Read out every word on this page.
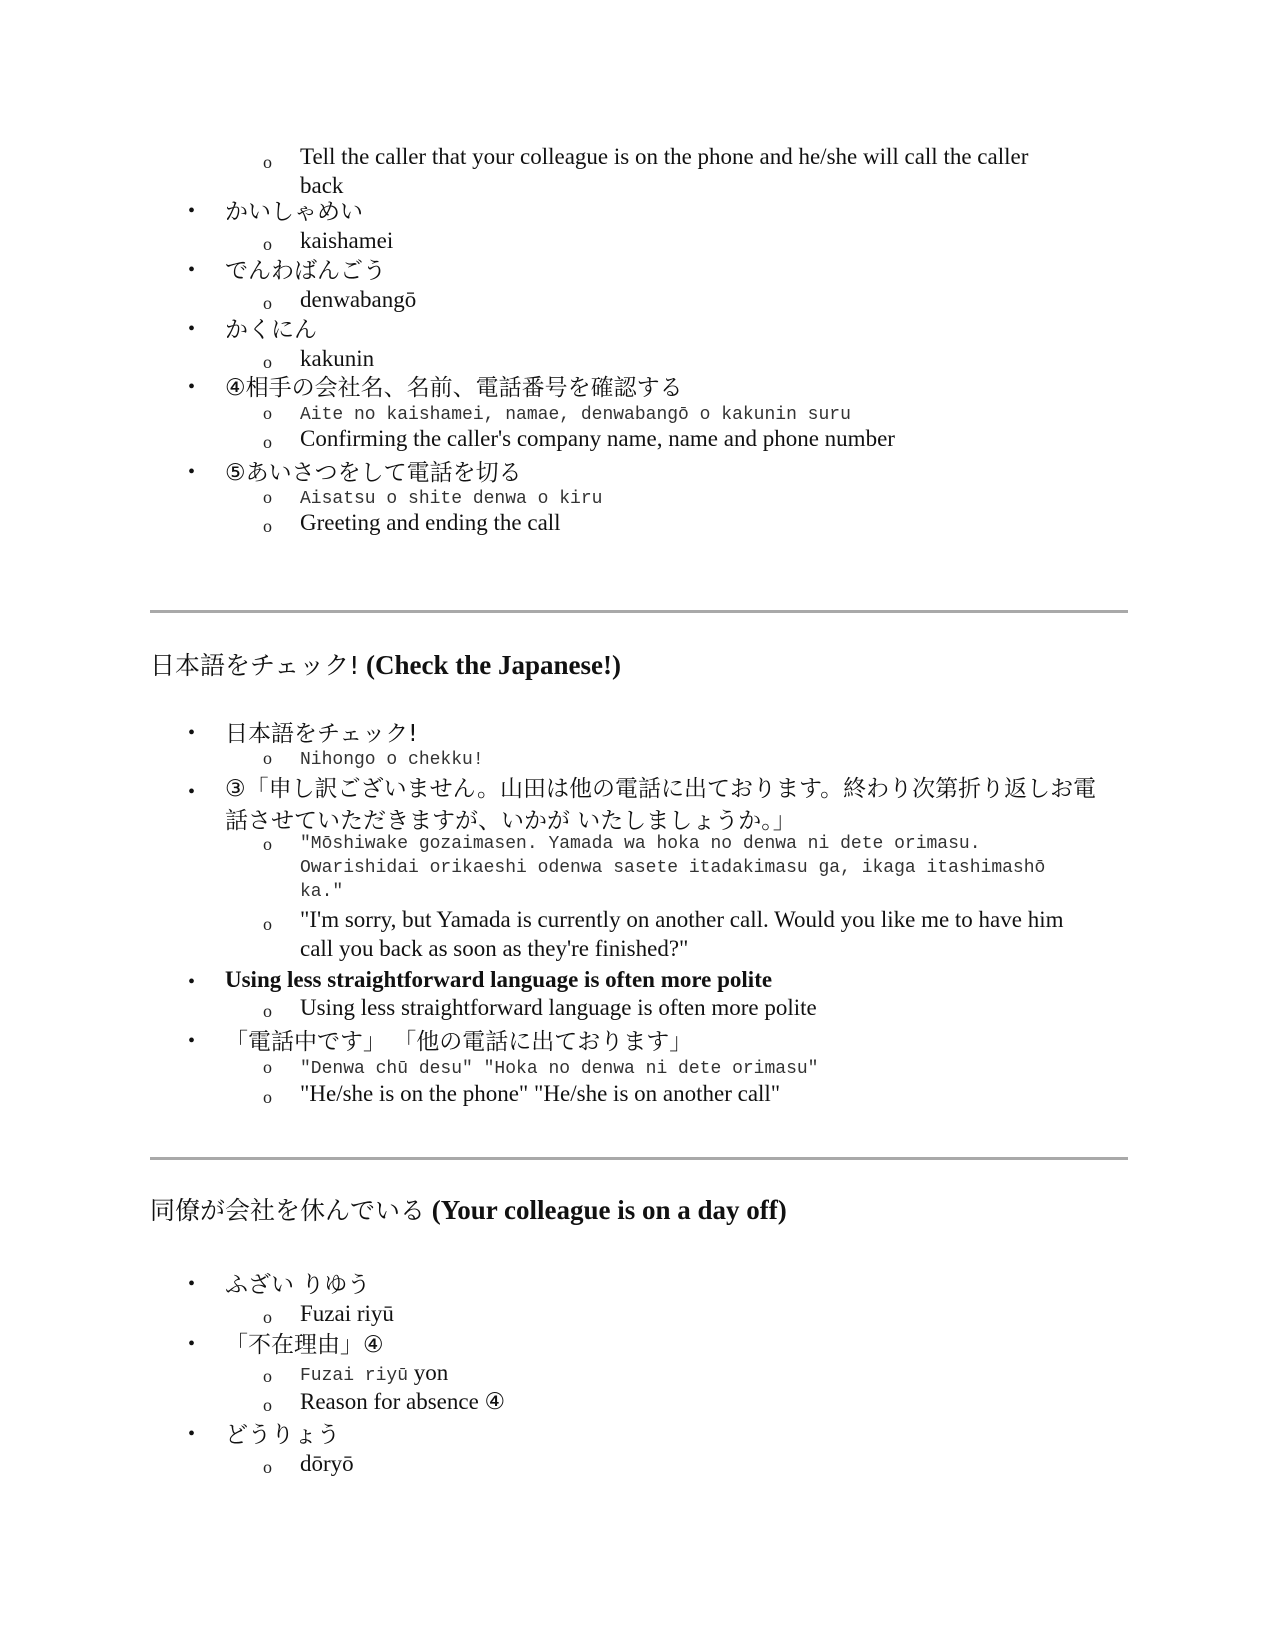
o Tell the caller that your colleague is on the phone and he/she will call the caller back
• かいしゃめい
o kaishamei
• でんわばんごう
o denwabangō
• かくにん
o kakunin
• ④相手の会社名、名前、電話番号を確認する
o Aite no kaishamei, namae, denwabangō o kakunin suru
o Confirming the caller's company name, name and phone number
• ⑤あいさつをして電話を切る
o Aisatsu o shite denwa o kiru
o Greeting and ending the call
日本語をチェック! (Check the Japanese!)
• 日本語をチェック!
o Nihongo o chekku!
• ③「申し訳ございません。山田は他の電話に出ております。終わり次第折り返しお電話させていただきますが、いかが いたしましょうか。」
o "Mōshiwake gozaimasen. Yamada wa hoka no denwa ni dete orimasu. Owarishidai orikaeshi odenwa sasete itadakimasu ga, ikaga itashimashō ka."
o "I'm sorry, but Yamada is currently on another call. Would you like me to have him call you back as soon as they're finished?"
• Using less straightforward language is often more polite
o Using less straightforward language is often more polite
• 「電話中です」 「他の電話に出ております」
o "Denwa chū desu" "Hoka no denwa ni dete orimasu"
o "He/she is on the phone" "He/she is on another call"
同僚が会社を休んでいる (Your colleague is on a day off)
• ふざい りゆう
o Fuzai riyū
• 「不在理由」④
o Fuzai riyū yon
o Reason for absence ④
• どうりょう
o dōryō
